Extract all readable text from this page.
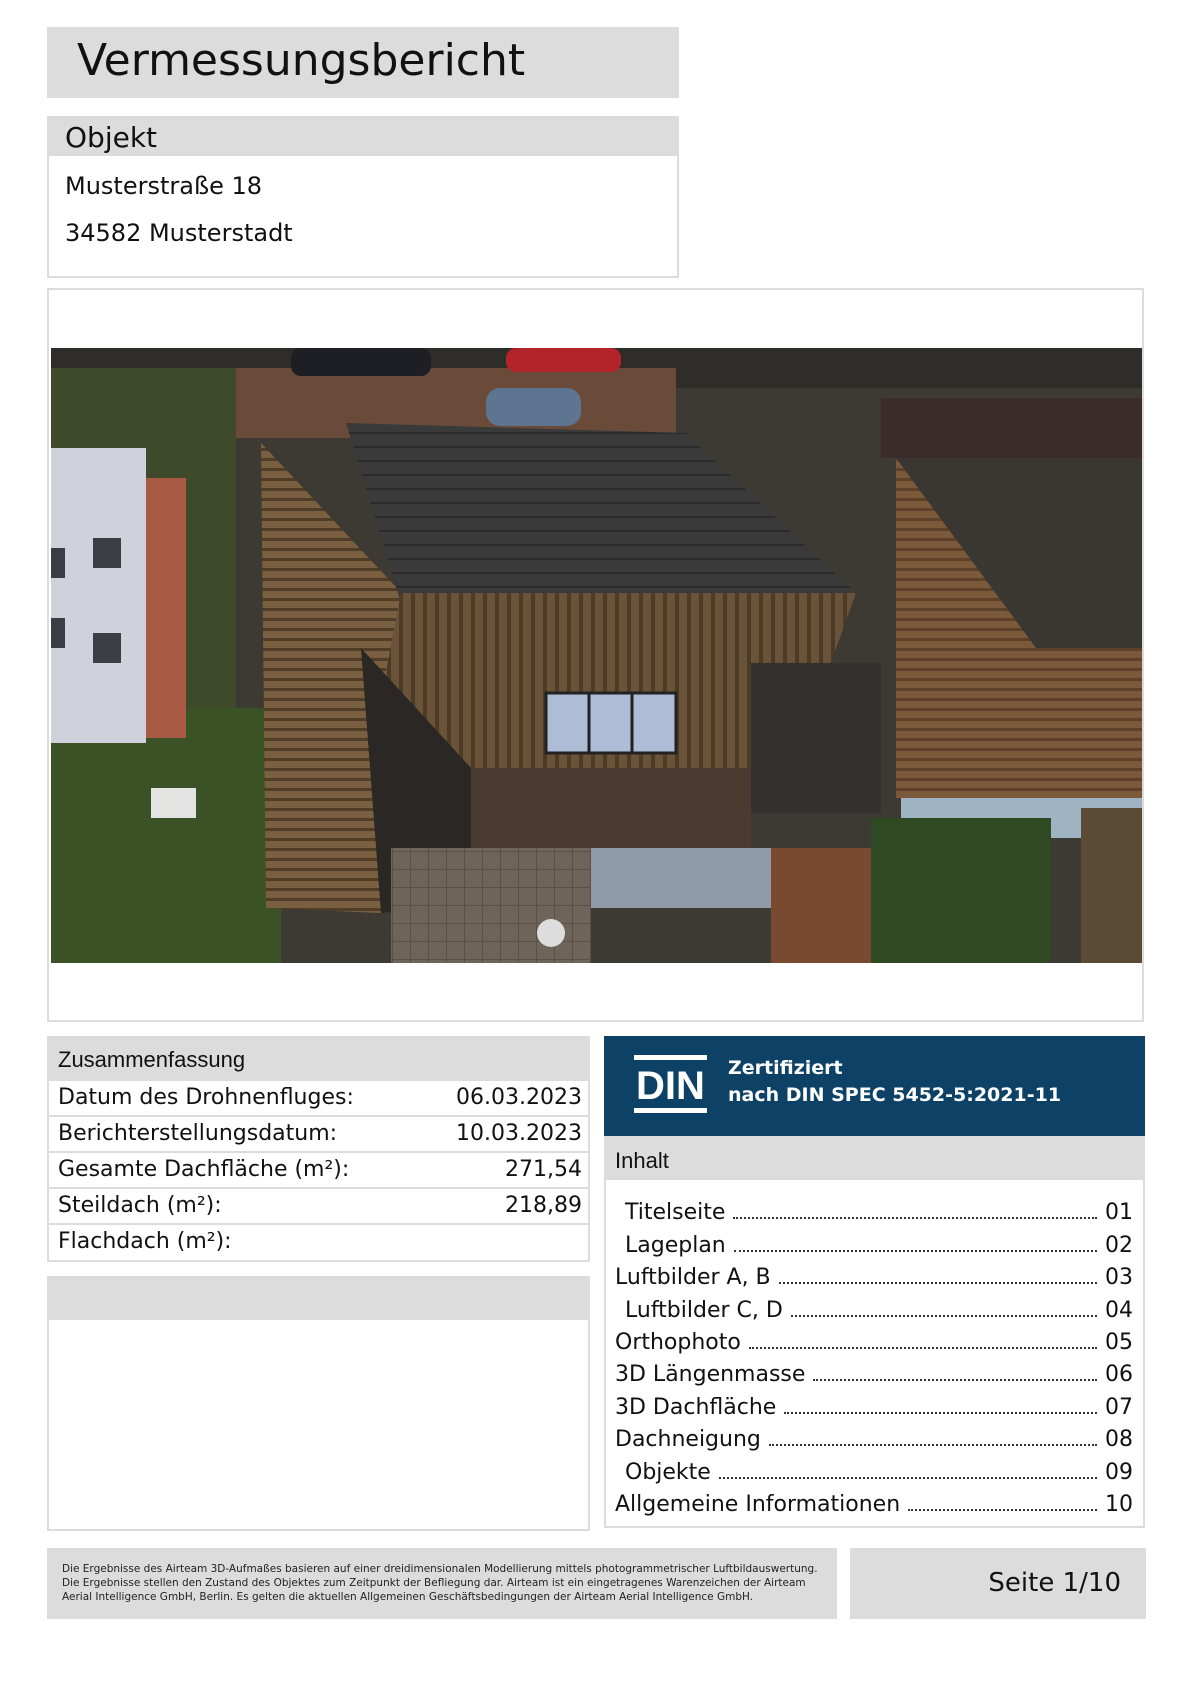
Vermessungsbericht
Objekt
Musterstraße 18
34582 Musterstadt
Zusammenfassung
Datum des Drohnenfluges:	06.03.2023
Berichterstellungsdatum:	10.03.2023
Gesamte Dachfläche (m²):	271,54
Steildach (m²):	218,89
Flachdach (m²):
DIN Zertifiziert
nach DIN SPEC 5452-5:2021-11
Inhalt
Titelseite	01
Lageplan	02
Luftbilder A, B	03
Luftbilder C, D	04
Orthophoto	05
3D Längenmasse	06
3D Dachfläche	07
Dachneigung	08
Objekte	09
Allgemeine Informationen	10

Die Ergebnisse des Airteam 3D-Aufmaßes basieren auf einer dreidimensionalen Modellierung mittels photogrammetrischer Luftbildauswertung. Die Ergebnisse stellen den Zustand des Objektes zum Zeitpunkt der Befliegung dar. Airteam ist ein eingetragenes Warenzeichen der Airteam Aerial Intelligence GmbH, Berlin. Es gelten die aktuellen Allgemeinen Geschäftsbedingungen der Airteam Aerial Intelligence GmbH.	Seite 1/10
